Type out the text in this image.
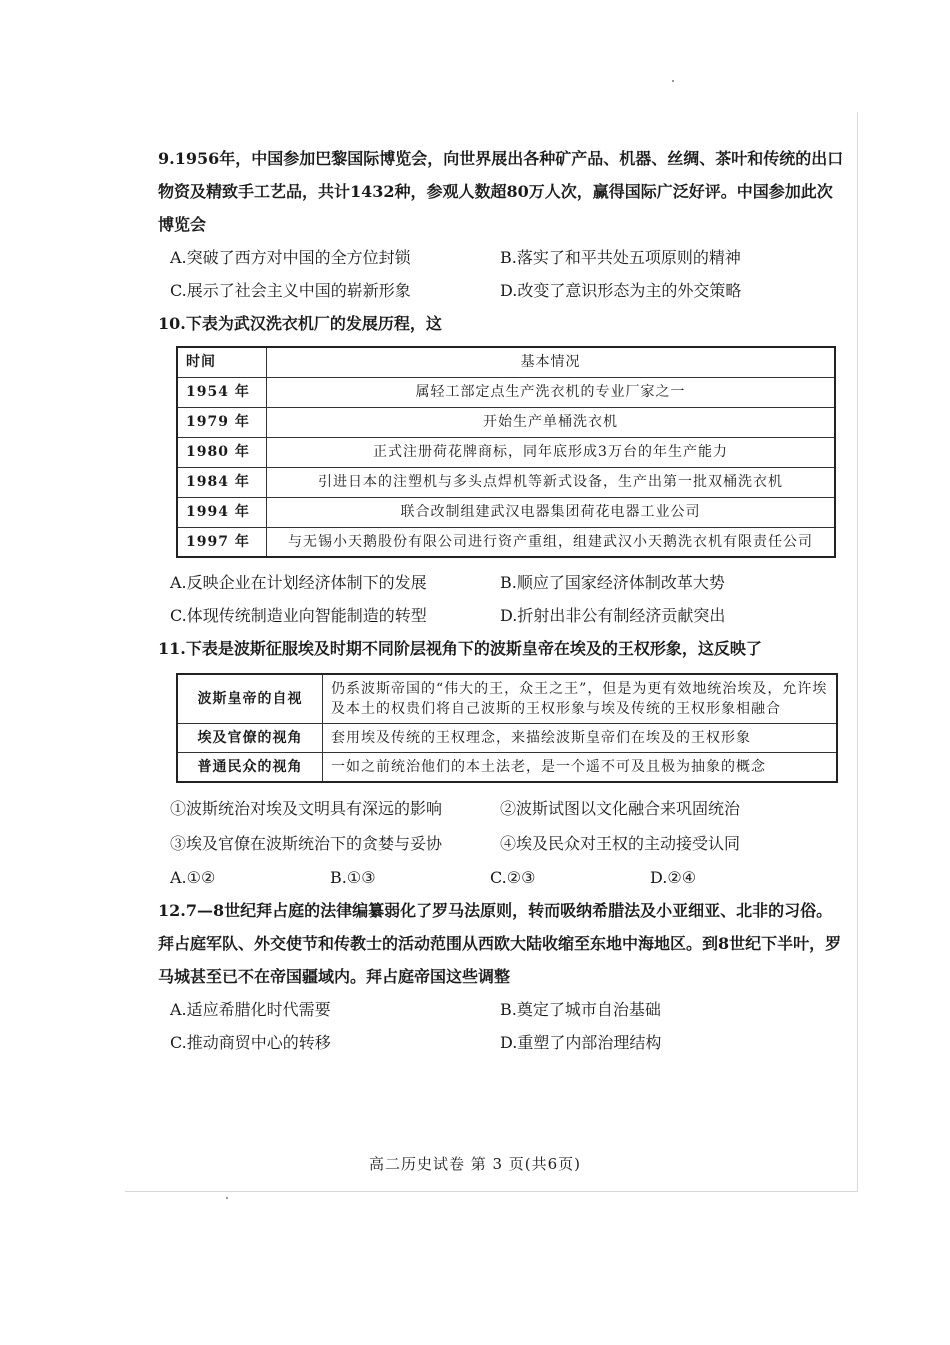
9.1956年，中国参加巴黎国际博览会，向世界展出各种矿产品、机器、丝绸、茶叶和传统的出口物资及精致手工艺品，共计1432种，参观人数超80万人次，赢得国际广泛好评。中国参加此次博览会

A.突破了西方对中国的全方位封锁	B.落实了和平共处五项原则的精神
C.展示了社会主义中国的崭新形象	D.改变了意识形态为主的外交策略

10.下表为武汉洗衣机厂的发展历程，这

时间	基本情况
1954 年	属轻工部定点生产洗衣机的专业厂家之一
1979 年	开始生产单桶洗衣机
1980 年	正式注册荷花牌商标，同年底形成3万台的年生产能力
1984 年	引进日本的注塑机与多头点焊机等新式设备，生产出第一批双桶洗衣机
1994 年	联合改制组建武汉电器集团荷花电器工业公司
1997 年	与无锡小天鹅股份有限公司进行资产重组，组建武汉小天鹅洗衣机有限责任公司
A.反映企业在计划经济体制下的发展	B.顺应了国家经济体制改革大势
C.体现传统制造业向智能制造的转型	D.折射出非公有制经济贡献突出

11.下表是波斯征服埃及时期不同阶层视角下的波斯皇帝在埃及的王权形象，这反映了

波斯皇帝的自视	仍系波斯帝国的“伟大的王，众王之王”，但是为更有效地统治埃及，允许埃及本土的权贵们将自己波斯的王权形象与埃及传统的王权形象相融合
埃及官僚的视角	套用埃及传统的王权理念，来描绘波斯皇帝们在埃及的王权形象
普通民众的视角	一如之前统治他们的本土法老，是一个遥不可及且极为抽象的概念
①波斯统治对埃及文明具有深远的影响	②波斯试图以文化融合来巩固统治
③埃及官僚在波斯统治下的贪婪与妥协	④埃及民众对王权的主动接受认同
A.①②	B.①③	C.②③	D.②④

12.7—8世纪拜占庭的法律编纂弱化了罗马法原则，转而吸纳希腊法及小亚细亚、北非的习俗。拜占庭军队、外交使节和传教士的活动范围从西欧大陆收缩至东地中海地区。到8世纪下半叶，罗马城甚至已不在帝国疆域内。拜占庭帝国这些调整

A.适应希腊化时代需要	B.奠定了城市自治基础
C.推动商贸中心的转移	D.重塑了内部治理结构
高二历史试卷 第 3 页(共6页)
